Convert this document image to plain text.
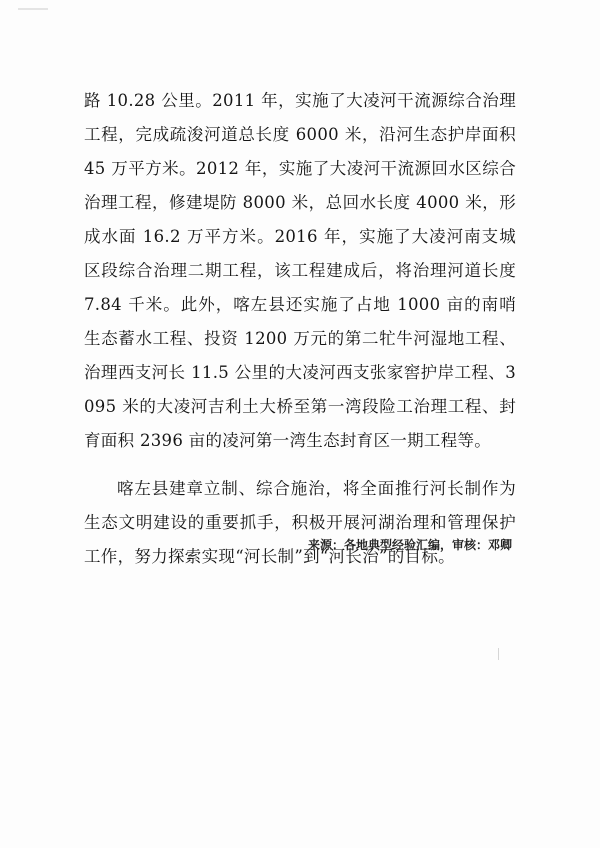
路 10.28 公里。2011 年，实施了大凌河干流源综合治理工程，完成疏浚河道总长度 6000 米，沿河生态护岸面积 45 万平方米。2012 年，实施了大凌河干流源回水区综合治理工程，修建堤防 8000 米，总回水长度 4000 米，形成水面 16.2 万平方米。2016 年，实施了大凌河南支城区段综合治理二期工程，该工程建成后，将治理河道长度 7.84 千米。此外，喀左县还实施了占地 1000 亩的南哨生态蓄水工程、投资 1200 万元的第二牤牛河湿地工程、治理西支河长 11.5 公里的大凌河西支张家窖护岸工程、3095 米的大凌河吉利土大桥至第一湾段险工治理工程、封育面积 2396 亩的凌河第一湾生态封育区一期工程等。

喀左县建章立制、综合施治，将全面推行河长制作为生态文明建设的重要抓手，积极开展河湖治理和管理保护工作，努力探索实现“河长制”到“河长治”的目标。

来源：各地典型经验汇编，审核：邓卿
